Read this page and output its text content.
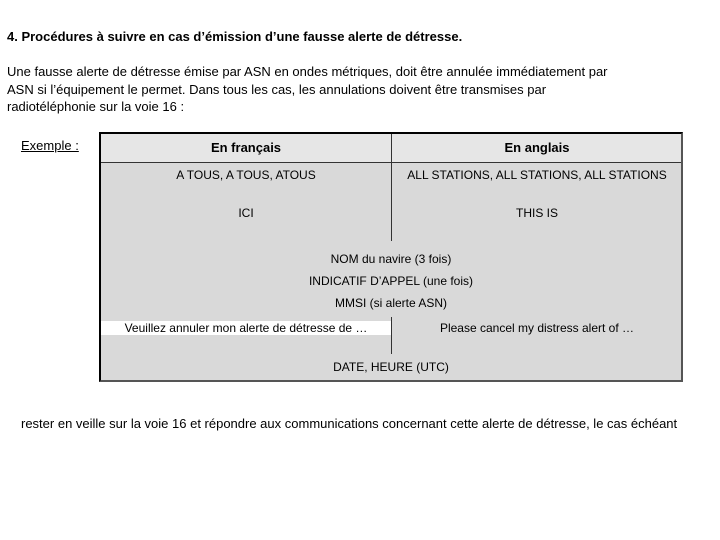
4. Procédures à suivre en cas d’émission d’une fausse alerte de détresse.
Une fausse alerte de détresse émise par ASN en ondes métriques, doit être annulée immédiatement par
ASN si l’équipement le permet. Dans tous les cas, les annulations doivent être transmises par
radiotéléphonie sur la voie 16 :
Exemple :	En français	En anglais
A TOUS, A TOUS, ATOUS	ALL STATIONS, ALL STATIONS, ALL STATIONS
ICI	THIS IS
NOM du navire (3 fois)
INDICATIF D’APPEL (une fois)
MMSI (si alerte ASN)
Veuillez annuler mon alerte de détresse de …	Please cancel my distress alert of …
DATE, HEURE (UTC)
rester en veille sur la voie 16 et répondre aux communications concernant cette alerte de détresse, le cas échéant
